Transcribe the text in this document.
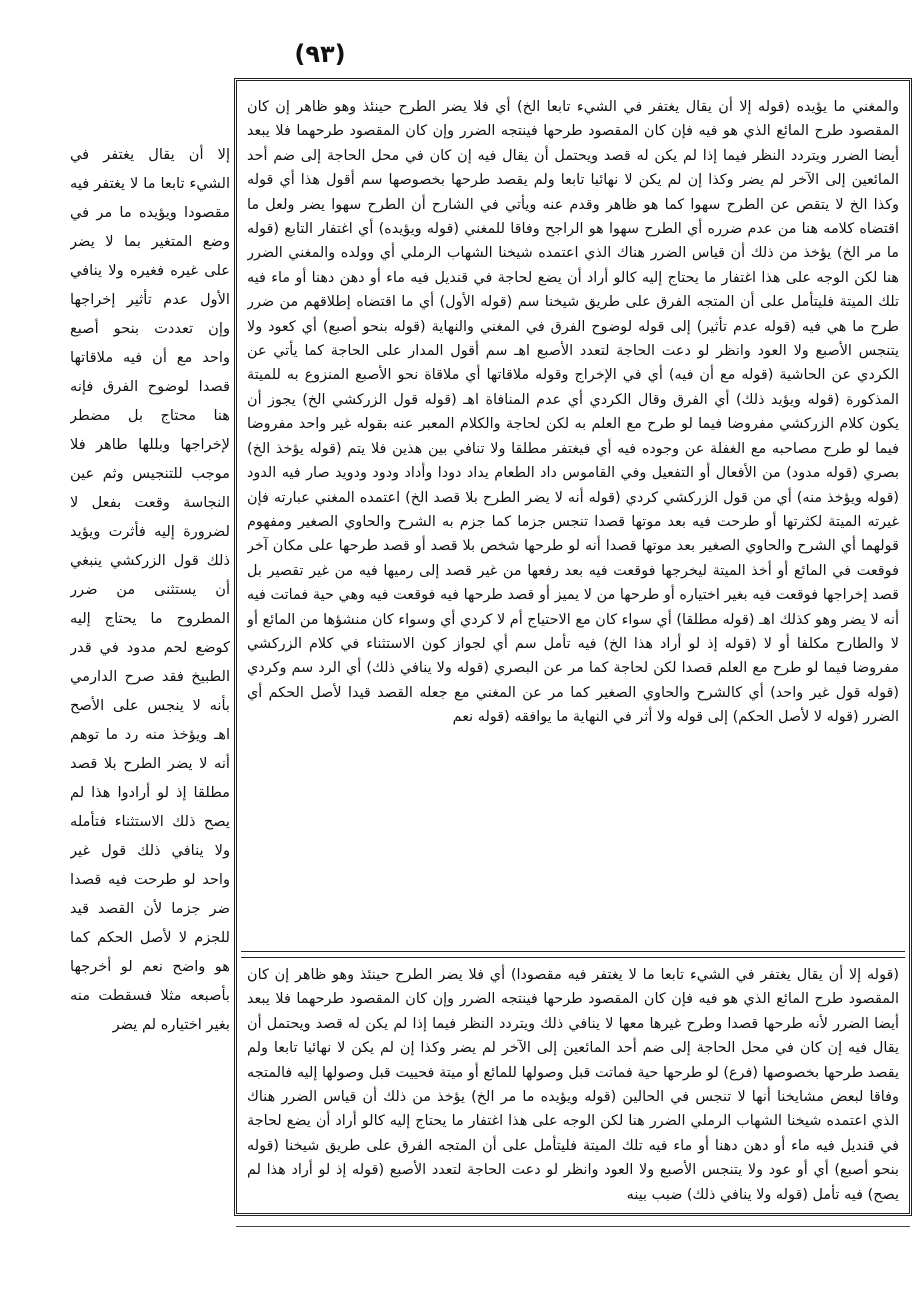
(٩٣)

والمغني ما يؤيده (قوله إلا أن يقال يغتفر في الشيء تابعا الخ) أي فلا يضر الطرح حينئذ وهو ظاهر إن كان المقصود طرح المائع الذي هو فيه فإن كان المقصود طرحها فينتجه الضرر وإن كان المقصود طرحهما فلا يبعد أيضا الضرر ويتردد النظر فيما إذا لم يكن له قصد ويحتمل أن يقال فيه إن كان في محل الحاجة إلى ضم أحد المائعين إلى الآخر لم يضر وكذا إن لم يكن لا نهائيا تابعا ولم يقصد طرحها بخصوصها سم أقول هذا أي قوله وكذا الخ لا يتقص عن الطرح سهوا كما هو ظاهر وقدم عنه ويأتي في الشارح أن الطرح سهوا يضر ولعل ما اقتضاه كلامه هنا من عدم ضرره أي الطرح سهوا هو الراجح وفاقا للمغني (قوله ويؤيده) أي اغتفار التابع (قوله ما مر الخ) يؤخذ من ذلك أن قياس الضرر هناك الذي اعتمده شيخنا الشهاب الرملي أي وولده والمغني الضرر هنا لكن الوجه على هذا اغتفار ما يحتاج إليه كالو أراد أن يضع لحاجة في قنديل فيه ماء أو دهن دهنا أو ماء فيه تلك الميتة فليتأمل على أن المتجه الفرق على طريق شيخنا سم (قوله الأول) أي ما اقتضاه إطلاقهم من ضرر طرح ما هي فيه (قوله عدم تأثير) إلى قوله لوضوح الفرق في المغني والنهاية (قوله بنحو أصبع) أي كعود ولا يتنجس الأصبع ولا العود وانظر لو دعت الحاجة لتعدد الأصبع اهـ سم أقول المدار على الحاجة كما يأتي عن الكردي عن الحاشية (قوله مع أن فيه) أي في الإخراج وقوله ملاقاتها أي ملاقاة نحو الأصبع المنزوع به للميتة المذكورة (قوله ويؤيد ذلك) أي الفرق وقال الكردي أي عدم المنافاة اهـ (قوله قول الزركشي الخ) يجوز أن يكون كلام الزركشي مفروضا فيما لو طرح مع العلم به لكن لحاجة والكلام المعبر عنه بقوله غير واحد مفروضا فيما لو طرح مصاحبه مع الغفلة عن وجوده فيه أي فيغتفر مطلقا ولا تنافي بين هذين فلا يتم (قوله يؤخذ الخ) بصري (قوله مدود) من الأفعال أو التفعيل وفي القاموس داد الطعام يداد دودا وأداد ودود ودويد صار فيه الدود (قوله ويؤخذ منه) أي من قول الزركشي كردي (قوله أنه لا يضر الطرح بلا قصد الخ) اعتمده المغني عبارته فإن غيرته الميتة لكثرتها أو طرحت فيه بعد موتها قصدا تنجس جزما كما جزم به الشرح والحاوي الصغير ومفهوم قولهما أي الشرح والحاوي الصغير بعد موتها قصدا أنه لو طرحها شخص بلا قصد أو قصد طرحها على مكان آخر فوقعت في المائع أو أخذ الميتة ليخرجها فوقعت فيه بعد رفعها من غير قصد إلى رميها فيه من غير تقصير بل قصد إخراجها فوقعت فيه بغير اختياره أو طرحها من لا يميز أو قصد طرحها فيه فوقعت فيه وهي حية فماتت فيه أنه لا يضر وهو كذلك اهـ (قوله مطلقا) أي سواء كان مع الاحتياج أم لا كردي أي وسواء كان منشؤها من المائع أو لا والطارح مكلفا أو لا (قوله إذ لو أراد هذا الخ) فيه تأمل سم أي لجواز كون الاستثناء في كلام الزركشي مفروضا فيما لو طرح مع العلم قصدا لكن لحاجة كما مر عن البصري (قوله ولا ينافي ذلك) أي الرد سم وكردي (قوله قول غير واحد) أي كالشرح والحاوي الصغير كما مر عن المغني مع جعله القصد قيدا لأصل الحكم أي الضرر (قوله لا لأصل الحكم) إلى قوله ولا أثر في النهاية ما يوافقه (قوله نعم

(قوله إلا أن يقال يغتفر في الشيء تابعا ما لا يغتفر فيه مقصودا) أي فلا يضر الطرح حينئذ وهو ظاهر إن كان المقصود طرح المائع الذي هو فيه فإن كان المقصود طرحها فينتجه الضرر وإن كان المقصود طرحهما فلا يبعد أيضا الضرر لأنه طرحها قصدا وطرح غيرها معها لا ينافي ذلك ويتردد النظر فيما إذا لم يكن له قصد ويحتمل أن يقال فيه إن كان في محل الحاجة إلى ضم أحد المائعين إلى الآخر لم يضر وكذا إن لم يكن لا نهائيا تابعا ولم يقصد طرحها بخصوصها (فرع) لو طرحها حية فماتت قبل وصولها للمائع أو ميتة فحييت قبل وصولها إليه فالمتجه وفاقا لبعض مشايخنا أنها لا تنجس في الحالين (قوله ويؤيده ما مر الخ) يؤخذ من ذلك أن قياس الضرر هناك الذي اعتمده شيخنا الشهاب الرملي الضرر هنا لكن الوجه على هذا اغتفار ما يحتاج إليه كالو أراد أن يضع لحاجة في قنديل فيه ماء أو دهن دهنا أو ماء فيه تلك الميتة فليتأمل على أن المتجه الفرق على طريق شيخنا (قوله بنحو أصبع) أي أو عود ولا يتنجس الأصبع ولا العود وانظر لو دعت الحاجة لتعدد الأصبع (قوله إذ لو أراد هذا لم يصح) فيه تأمل (قوله ولا ينافي ذلك) ضبب بينه

إلا أن يقال يغتفر في الشيء تابعا ما لا يغتفر فيه مقصودا ويؤيده ما مر في وضع المتغير بما لا يضر على غيره فغيره ولا ينافي الأول عدم تأثير إخراجها وإن تعددت بنحو أصبع واحد مع أن فيه ملاقاتها قصدا لوضوح الفرق فإنه هنا محتاج بل مضطر لإخراجها وبللها طاهر فلا موجب للتنجيس وثم عين النجاسة وقعت بفعل لا لضرورة إليه فأثرت ويؤيد ذلك قول الزركشي ينبغي أن يستثنى من ضرر المطروح ما يحتاج إليه كوضع لحم مدود في قدر الطبيخ فقد صرح الدارمي بأنه لا ينجس على الأصح اهـ ويؤخذ منه رد ما توهم أنه لا يضر الطرح بلا قصد مطلقا إذ لو أرادوا هذا لم يصح ذلك الاستثناء فتأمله ولا ينافي ذلك قول غير واحد لو طرحت فيه قصدا ضر جزما لأن القصد قيد للجزم لا لأصل الحكم كما هو واضح نعم لو أخرجها بأصبعه مثلا فسقطت منه بغير اختياره لم يضر
